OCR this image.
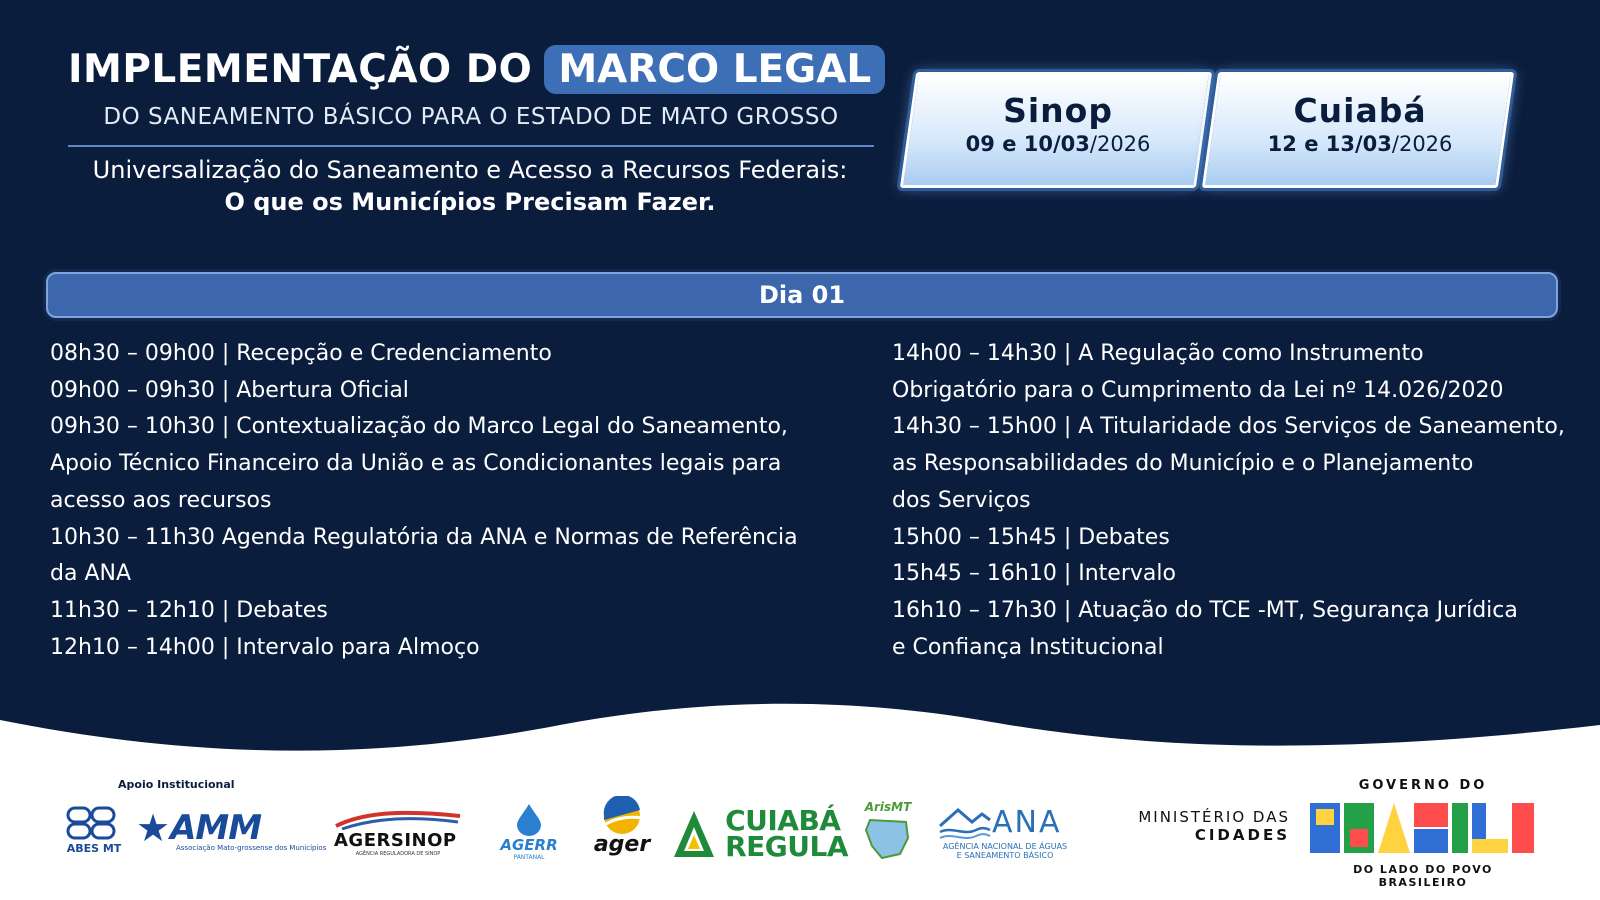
IMPLEMENTAÇÃO DO MARCO LEGAL
DO SANEAMENTO BÁSICO PARA O ESTADO DE MATO GROSSO
Universalização do Saneamento e Acesso a Recursos Federais:
O que os Municípios Precisam Fazer.
Sinop
09 e 10/03/2026
Cuiabá
12 e 13/03/2026
Dia 01
08h30 – 09h00 | Recepção e Credenciamento
09h00 – 09h30 | Abertura Oficial
09h30 – 10h30 | Contextualização do Marco Legal do Saneamento,
Apoio Técnico Financeiro da União e as Condicionantes legais para
acesso aos recursos
10h30 – 11h30 Agenda Regulatória da ANA e Normas de Referência
da ANA
11h30 – 12h10 | Debates
12h10 – 14h00 | Intervalo para Almoço
14h00 – 14h30 | A Regulação como Instrumento
Obrigatório para o Cumprimento da Lei nº 14.026/2020
14h30 – 15h00 | A Titularidade dos Serviços de Saneamento,
as Responsabilidades do Município e o Planejamento
dos Serviços
15h00 – 15h45 | Debates
15h45 – 16h10 | Intervalo
16h10 – 17h30 | Atuação do TCE -MT, Segurança Jurídica
e Confiança Institucional
Apoio Institucional
ABES MT ★AMM
Associação Mato-grossense dos Municípios AGERSINOP
AGÊNCIA REGULADORA DE SINOP	AGERR
PANTANAL
ager

CUIABÁ
REGULA
ArisMT	ANA
AGÊNCIA NACIONAL DE ÁGUAS
E SANEAMENTO BÁSICO
MINISTÉRIO DAS
CIDADES
GOVERNO DO
DO LADO DO POVO BRASILEIRO
